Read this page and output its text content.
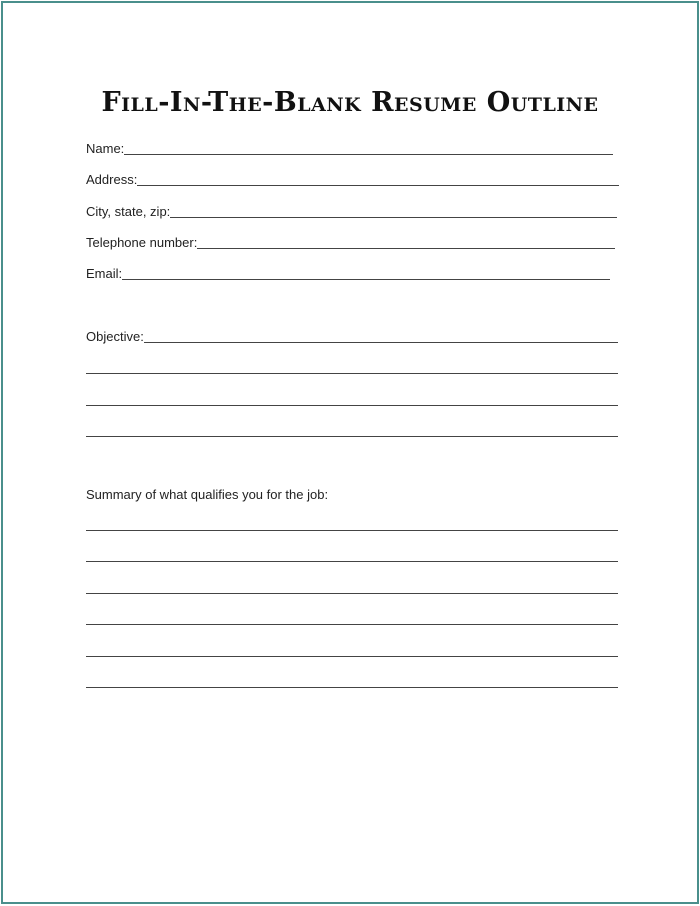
Fill-In-The-Blank Resume Outline
Name:
Address:
City, state, zip:
Telephone number:
Email:
Objective:
Summary of what qualifies you for the job:
